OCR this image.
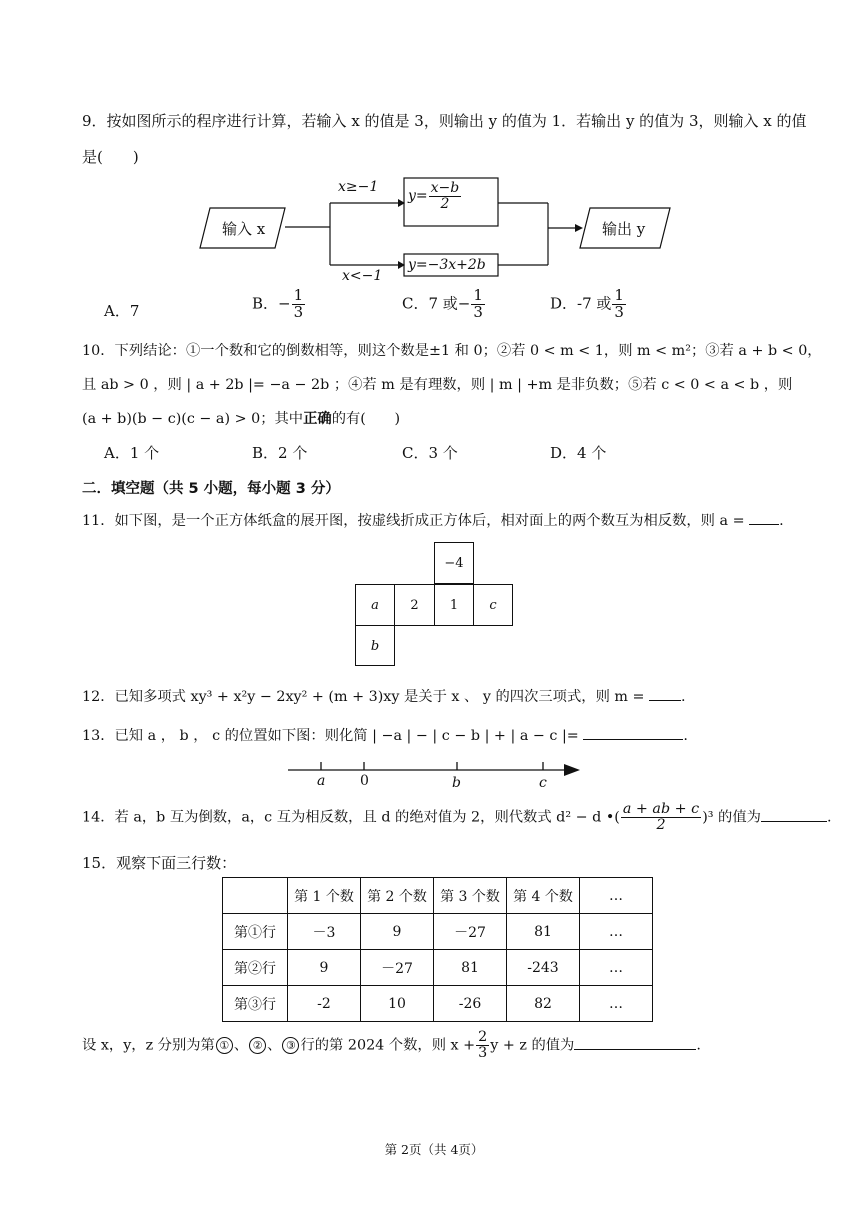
9．按如图所示的程序进行计算，若输入 x 的值是 3，则输出 y 的值为 1．若输出 y 的值为 3，则输入 x 的值
是(　　)
输入 x	输出 y
x≥−1
x<−1
$y= \frac{x-b}{2}$
y=−3x+2b
A．7	B．− $\frac{1}{3}$	C．7 或− $\frac{1}{3}$	D．-7 或 $\frac{1}{3}$
10．下列结论：①一个数和它的倒数相等，则这个数是±1 和 0；②若 0 < m < 1，则 m < m²；③若 a + b < 0，
且 ab > 0 ，则 | a + 2b |= −a − 2b ；④若 m 是有理数，则 | m | +m 是非负数；⑤若 c < 0 < a < b ，则
(a + b)(b − c)(c − a) > 0；其中正确的有(　　)
A．1 个	B．2 个	C．3 个	D．4 个
二．填空题（共 5 小题，每小题 3 分）
11．如下图，是一个正方体纸盒的展开图，按虚线折成正方体后，相对面上的两个数互为相反数，则 a = .
−4
a	2	1	c
b
12．已知多项式 xy³ + x²y − 2xy² + (m + 3)xy 是关于 x 、 y 的四次三项式，则 m =	.
13．已知 a ， b ， c 的位置如下图：则化简 | −a | − | c − b | + | a − c |=	.
a 0	b	c
14．若 a，b 互为倒数，a，c 互为相反数，且 d 的绝对值为 2，则代数式 d² − d •( $\frac{a + ab + c}{2} )^3$ 的值为	.
15．观察下面三行数：
	第 1 个数	第 2 个数	第 3 个数	第 4 个数	…
第①行	－3	9	－27	81	…
第②行	9	－27	81	-243	…
第③行	-2	10	-26	82	…
设 x，y，z 分别为第 ① 、 ② 、 ③ 行的第 2024 个数，则 $x + \frac{2}{3}$ y + z 的值为	.
第 2页（共 4页）
